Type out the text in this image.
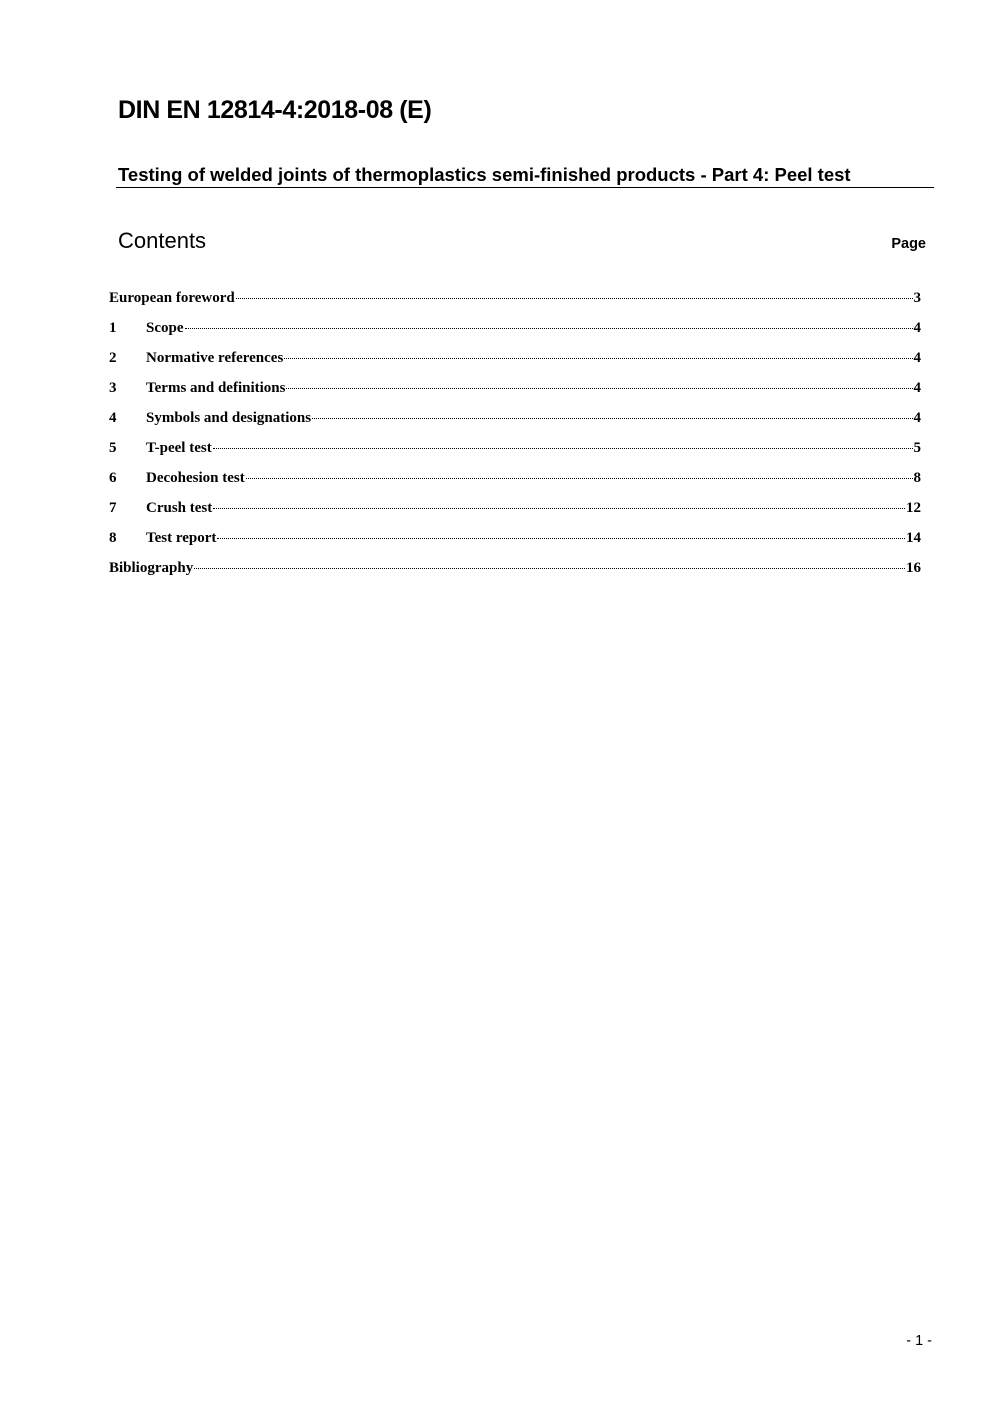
DIN EN 12814-4:2018-08 (E)
Testing of welded joints of thermoplastics semi-finished products - Part 4: Peel test
Contents	Page
European foreword	3
1	Scope	4
2	Normative references	4
3	Terms and definitions	4
4	Symbols and designations	4
5	T-peel test	5
6	Decohesion test	8
7	Crush test	12
8	Test report	14
Bibliography	16
- 1 -
